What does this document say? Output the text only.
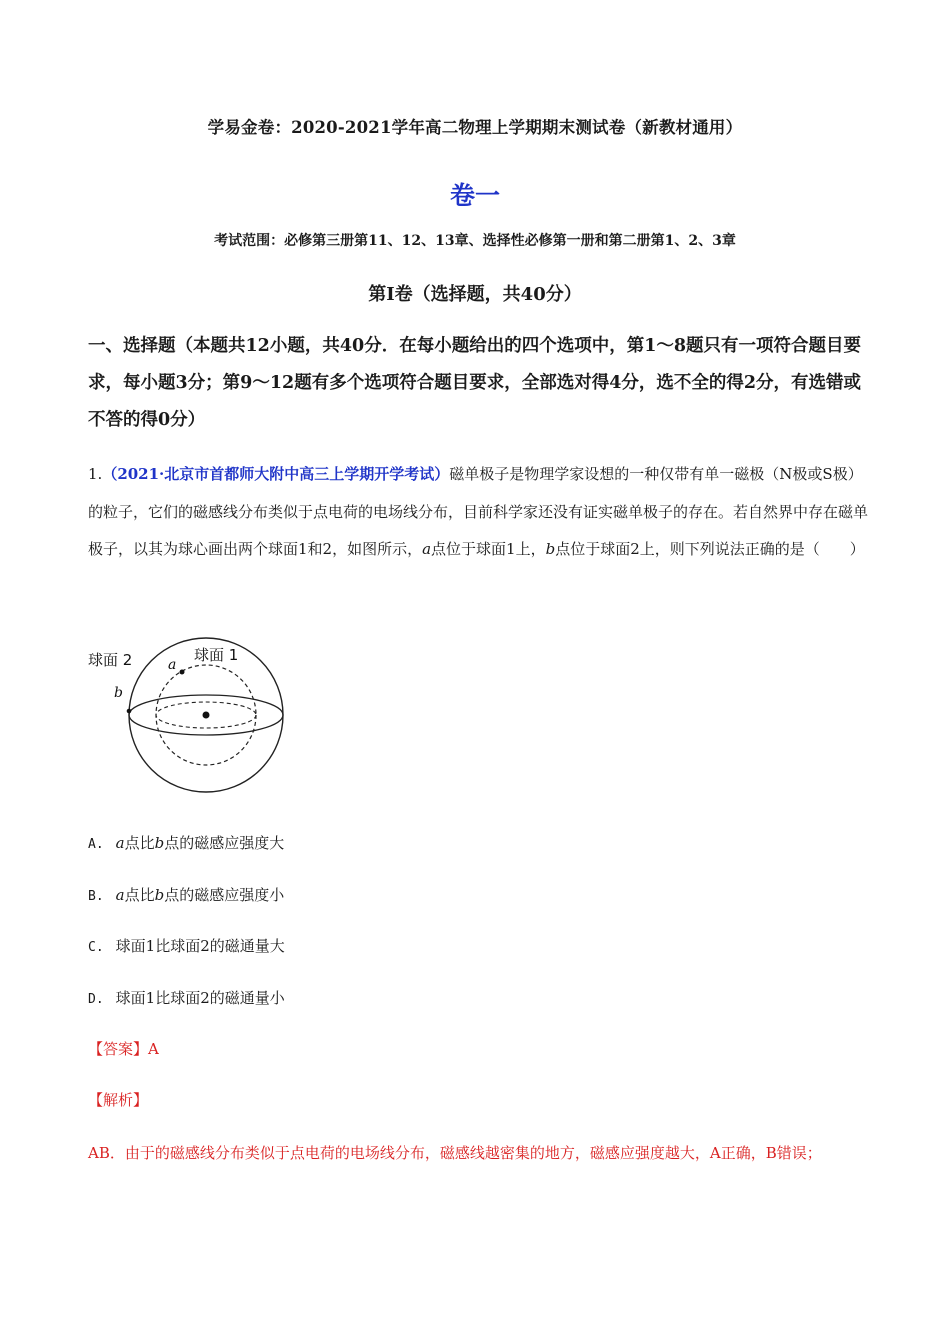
学易金卷：2020-2021学年高二物理上学期期末测试卷（新教材通用）
卷一
考试范围：必修第三册第11、12、13章、选择性必修第一册和第二册第1、2、3章
第Ⅰ卷（选择题，共40分）
一、选择题（本题共12小题，共40分．在每小题给出的四个选项中，第1～8题只有一项符合题目要求，每小题3分；第9～12题有多个选项符合题目要求，全部选对得4分，选不全的得2分，有选错或不答的得0分）
1.（2021·北京市首都师大附中高三上学期开学考试）磁单极子是物理学家设想的一种仅带有单一磁极（N极或S极）的粒子，它们的磁感线分布类似于点电荷的电场线分布，目前科学家还没有证实磁单极子的存在。若自然界中存在磁单极子，以其为球心画出两个球面1和2，如图所示，a点位于球面1上，b点位于球面2上，则下列说法正确的是（　　）
球面 2	球面 1
a
b
A. a点比b点的磁感应强度大
B. a点比b点的磁感应强度小
C. 球面1比球面2的磁通量大
D. 球面1比球面2的磁通量小
【答案】A
【解析】
AB．由于的磁感线分布类似于点电荷的电场线分布，磁感线越密集的地方，磁感应强度越大，A正确，B错误；
